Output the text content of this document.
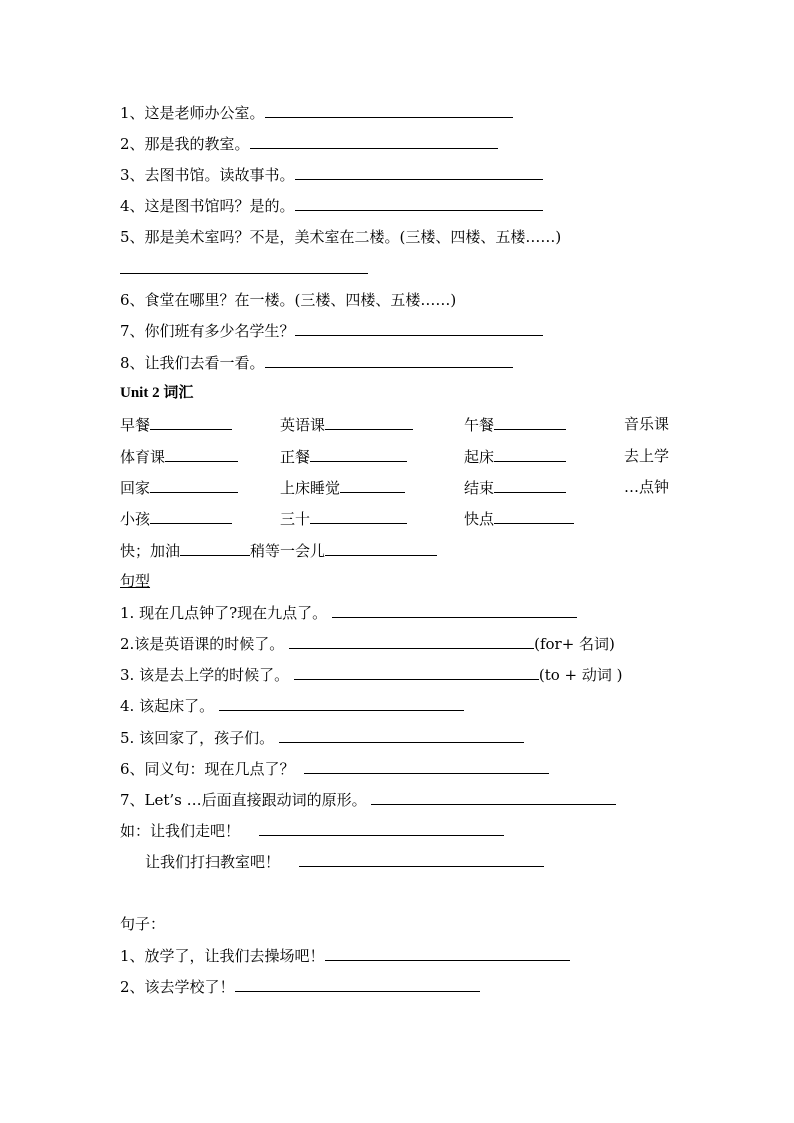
1、这是老师办公室。
2、那是我的教室。
3、去图书馆。读故事书。
4、这是图书馆吗？是的。
5、那是美术室吗？不是，美术室在二楼。(三楼、四楼、五楼……)
6、食堂在哪里？在一楼。(三楼、四楼、五楼……)
7、你们班有多少名学生？
8、让我们去看一看。
Unit 2 词汇
早餐	英语课	午餐	音乐课
体育课	正餐	起床	去上学
回家	上床睡觉	结束	…点钟
小孩	三十	快点
快；加油	稍等一会儿
句型
1. 现在几点钟了?现在九点了。
2.该是英语课的时候了。	(for+ 名词)
3. 该是去上学的时候了。	(to + 动词 )
4. 该起床了。
5. 该回家了，孩子们。
6、同义句：现在几点了？
7、Let’s …后面直接跟动词的原形。
如：让我们走吧！
让我们打扫教室吧！
句子：
1、放学了，让我们去操场吧！
2、该去学校了！
